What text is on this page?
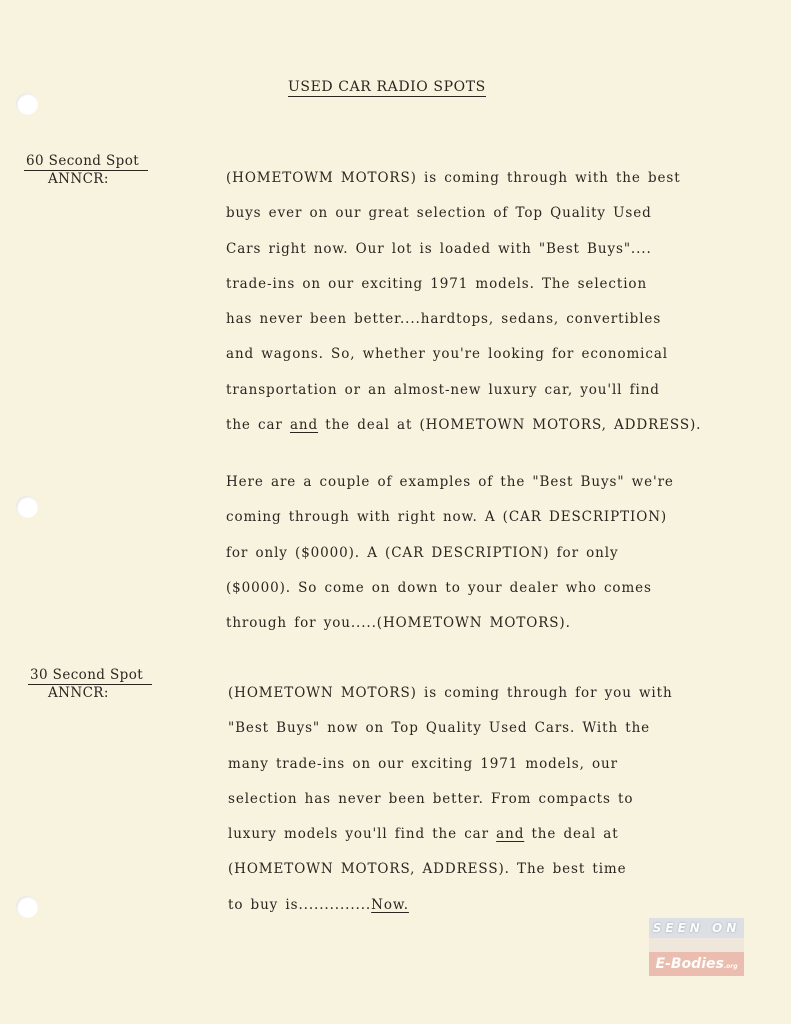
USED CAR RADIO SPOTS
60 Second Spot
ANNCR:	(HOMETOWM MOTORS) is coming through with the best
buys ever on our great selection of Top Quality Used
Cars right now. Our lot is loaded with "Best Buys"....
trade-ins on our exciting 1971 models. The selection
has never been better....hardtops, sedans, convertibles
and wagons. So, whether you're looking for economical
transportation or an almost-new luxury car, you'll find
the car and the deal at (HOMETOWN MOTORS, ADDRESS).
Here are a couple of examples of the "Best Buys" we're
coming through with right now. A (CAR DESCRIPTION)
for only ($0000). A (CAR DESCRIPTION) for only
($0000). So come on down to your dealer who comes
through for you.....(HOMETOWN MOTORS).
30 Second Spot
ANNCR:	(HOMETOWN MOTORS) is coming through for you with
"Best Buys" now on Top Quality Used Cars. With the
many trade-ins on our exciting 1971 models, our
selection has never been better. From compacts to
luxury models you'll find the car and the deal at
(HOMETOWN MOTORS, ADDRESS). The best time
to buy is..............Now.
SEEN ON
E-Bodies.org
